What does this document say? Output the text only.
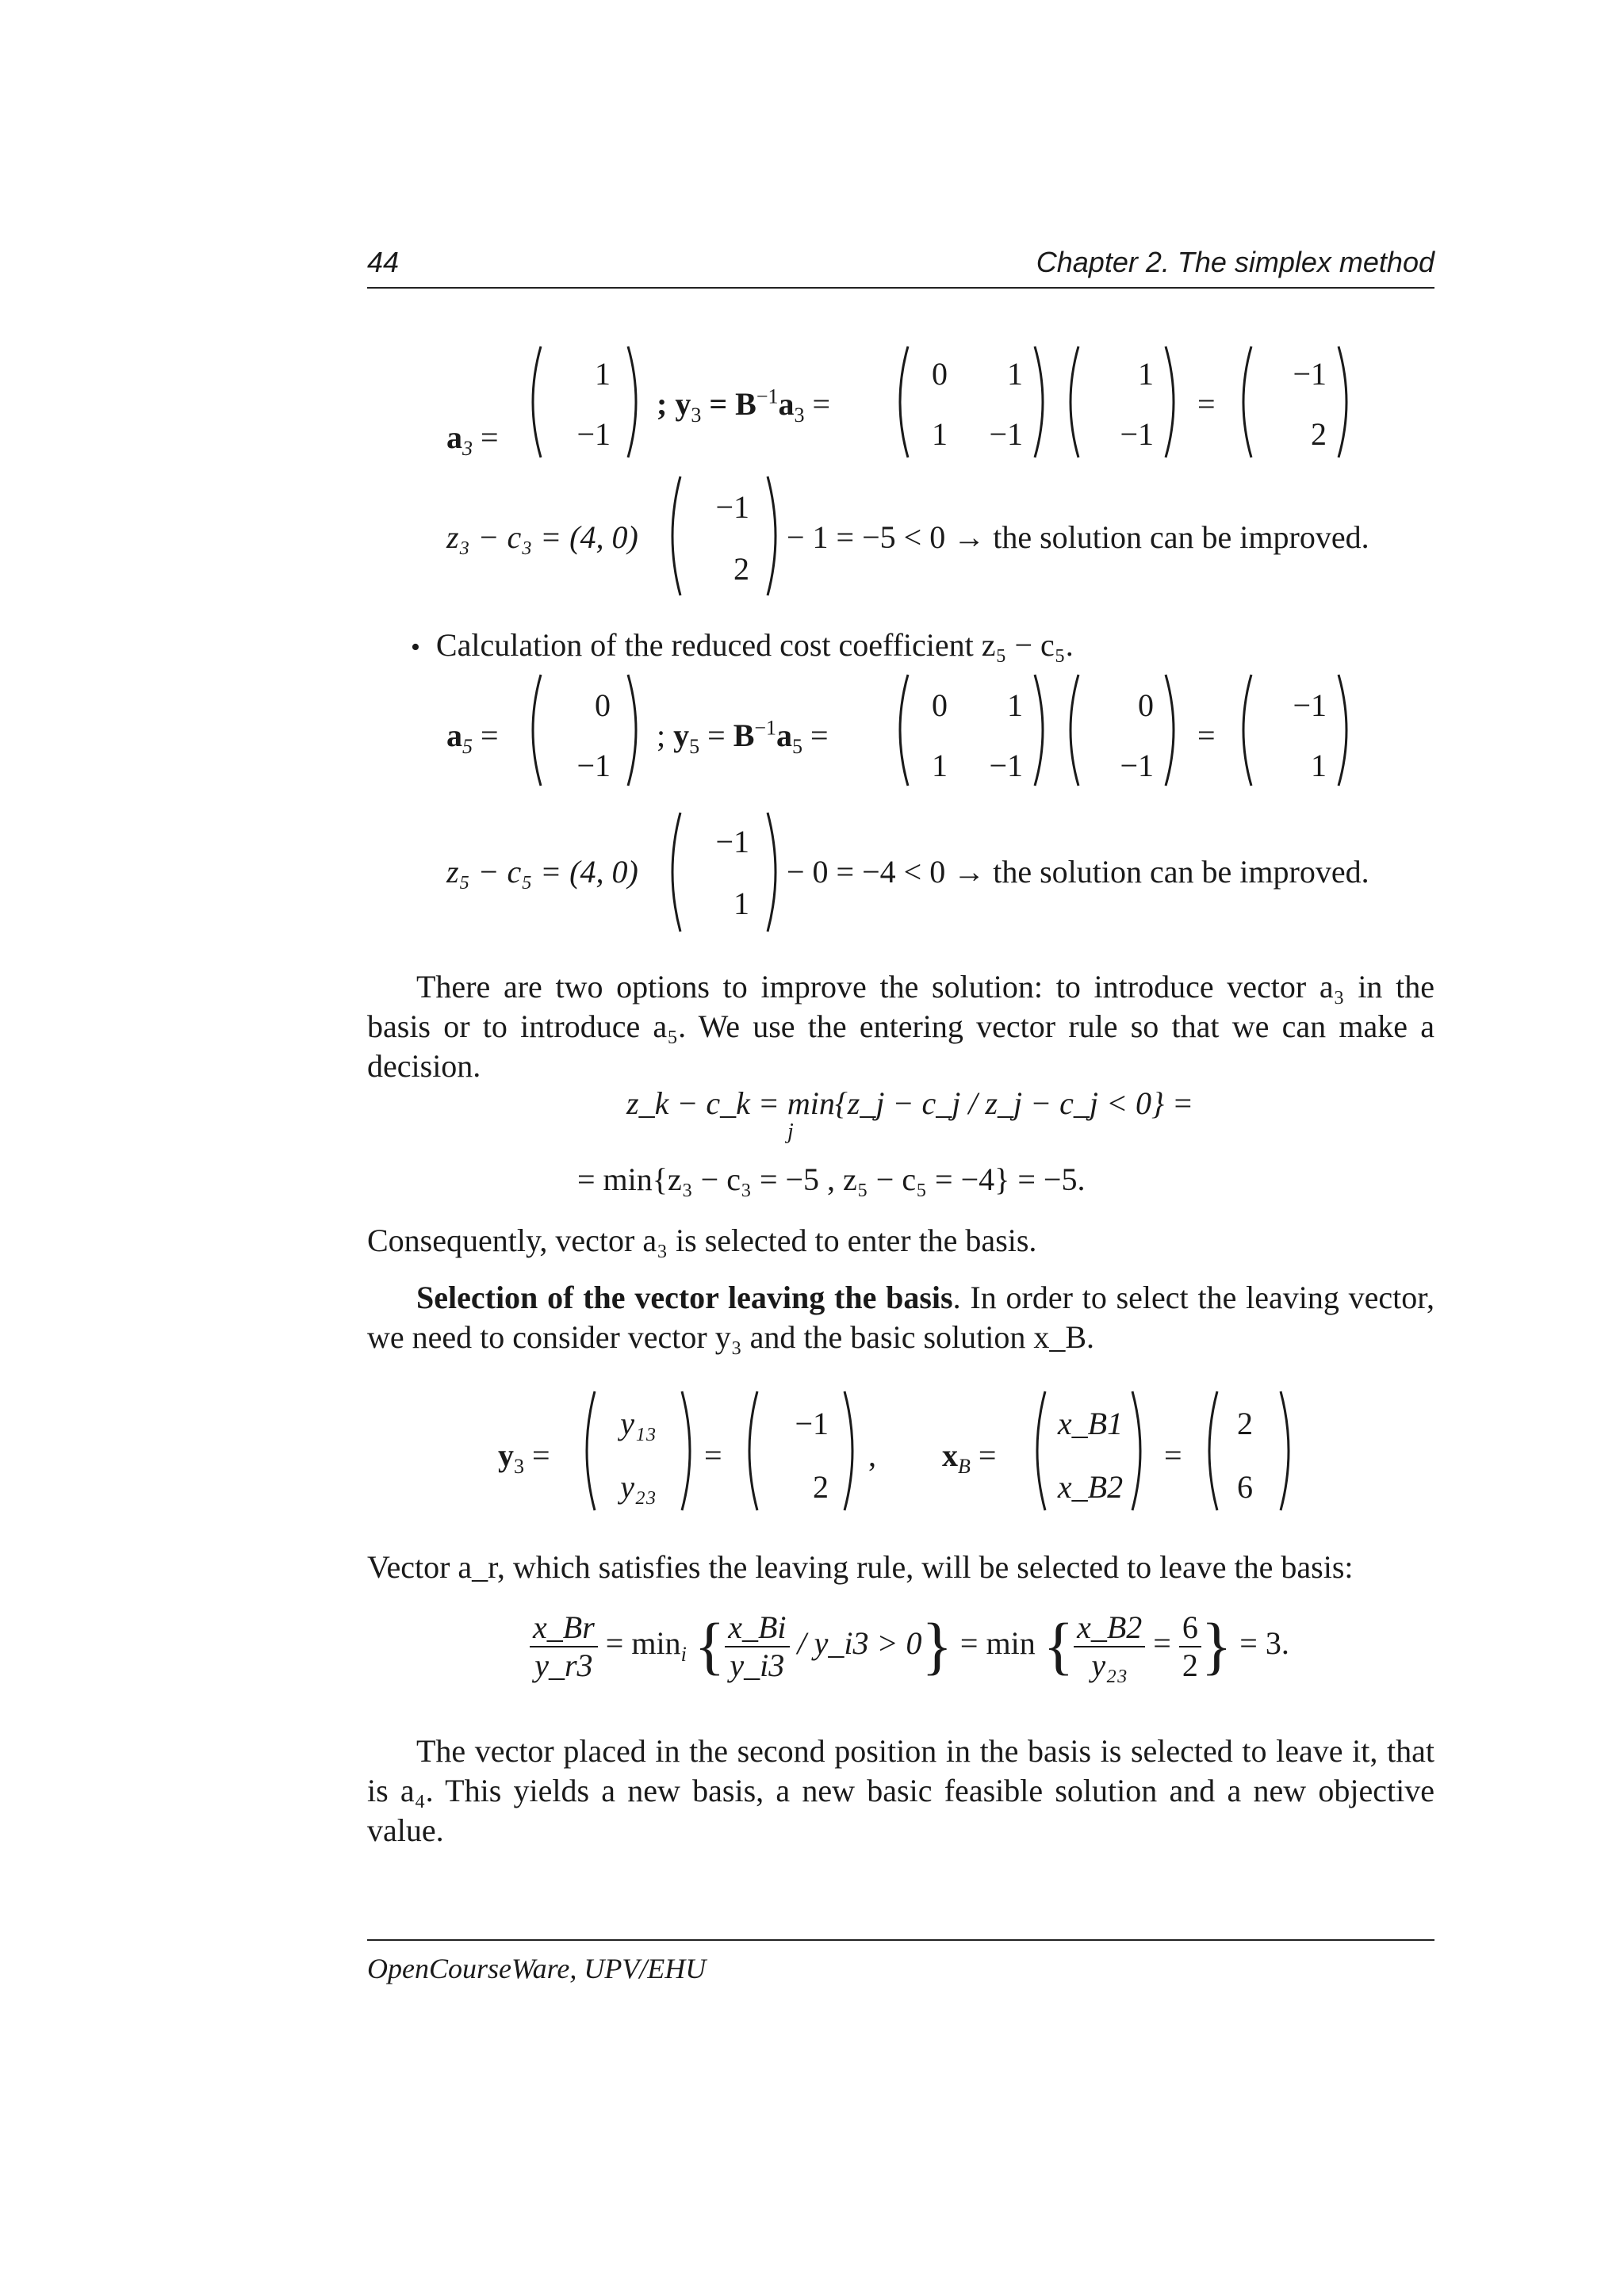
44	Chapter 2. The simplex method
$a_3$ =
1
−1
; $y_3 = B^{-1}a_3$ =
0	1
1	−1
1
−1
=
−1
2
z₃ − c₃ = (4, 0)
−1
2
− 1 = −5 < 0 → the solution can be improved.
• Calculation of the reduced cost coefficient z₅ − c₅.
$a_5$ =
0
−1
; $y_5 = B^{-1}a_5$ =
0	1
1	−1
0
−1
=
−1
1
z₅ − c₅ = (4, 0)
−1
1
− 0 = −4 < 0 → the solution can be improved.
There are two options to improve the solution: to introduce vector a₃ in the basis or to introduce a₅. We use the entering vector rule so that we can make a decision.
z_k − c_k = min{z_j − c_j / z_j − c_j < 0} =
j
= min{z₃ − c₃ = −5 , z₅ − c₅ = −4} = −5.
Consequently, vector a₃ is selected to enter the basis.
Selection of the vector leaving the basis. In order to select the leaving vector, we need to consider vector y₃ and the basic solution x_B.
$y_3$ =
y₁₃
y₂₃
=
−1
2
, $x_B$ =
x_B1
x_B2
=
2
6
Vector a_r, which satisfies the leaving rule, will be selected to leave the basis:
$\frac{x\_Br}{y\_r3} = \min_i$ { $\frac{x\_Bi}{y\_i3}$ / y_i3 > 0} = min { $\frac{x\_B2}{\text{y₂₃}} = \frac{6}{2}$ } = 3.
The vector placed in the second position in the basis is selected to leave it, that is a₄. This yields a new basis, a new basic feasible solution and a new objective value.
OpenCourseWare, UPV/EHU
